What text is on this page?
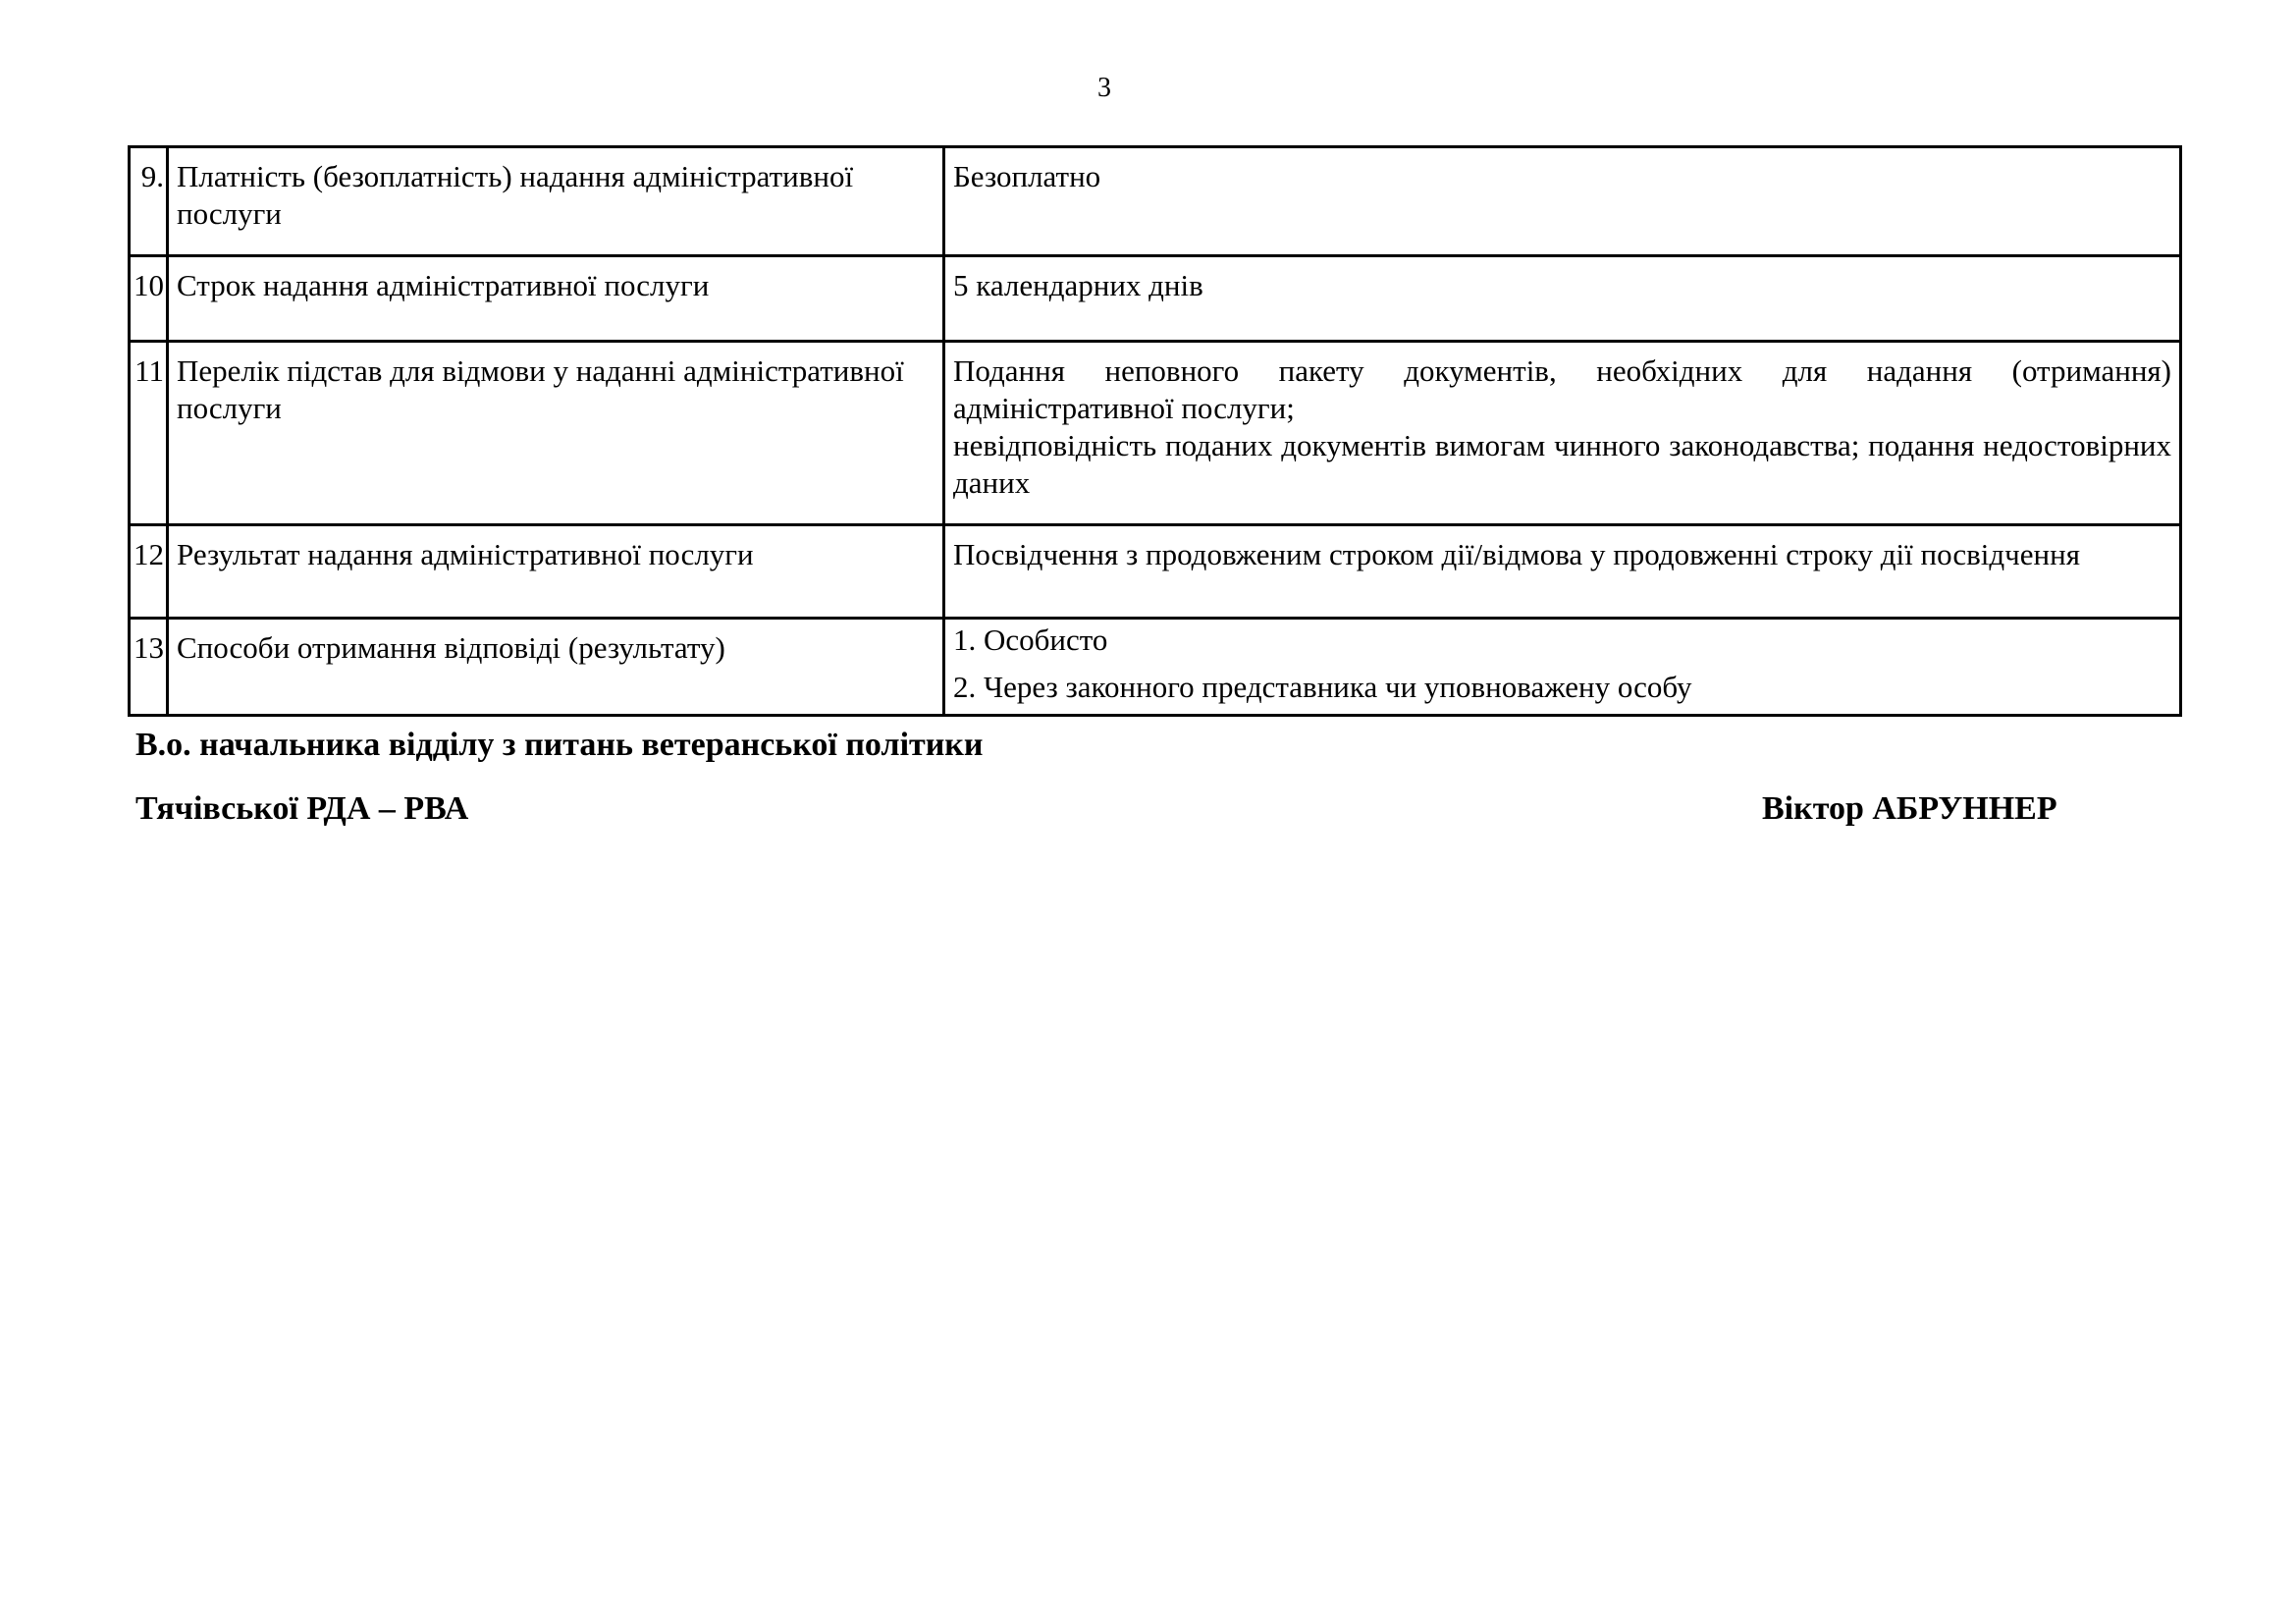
3
9.	Платність (безоплатність) надання адміністративної послуги	Безоплатно

10	Строк надання адміністративної послуги	5 календарних днів

11	Перелік підстав для відмови у наданні адміністративної послуги	Подання неповного пакету документів, необхідних для надання (отримання) адміністративної послуги;
невідповідність поданих документів вимогам чинного законодавства; подання недостовірних даних

12	Результат надання адміністративної послуги	Посвідчення з продовженим строком дії/відмова у продовженні строку дії посвідчення

13	Способи отримання відповіді (результату)	1. Особисто
2. Через законного представника чи уповноважену особу
В.о. начальника відділу з питань ветеранської політики
Тячівської РДА – РВА	Віктор АБРУННЕР
